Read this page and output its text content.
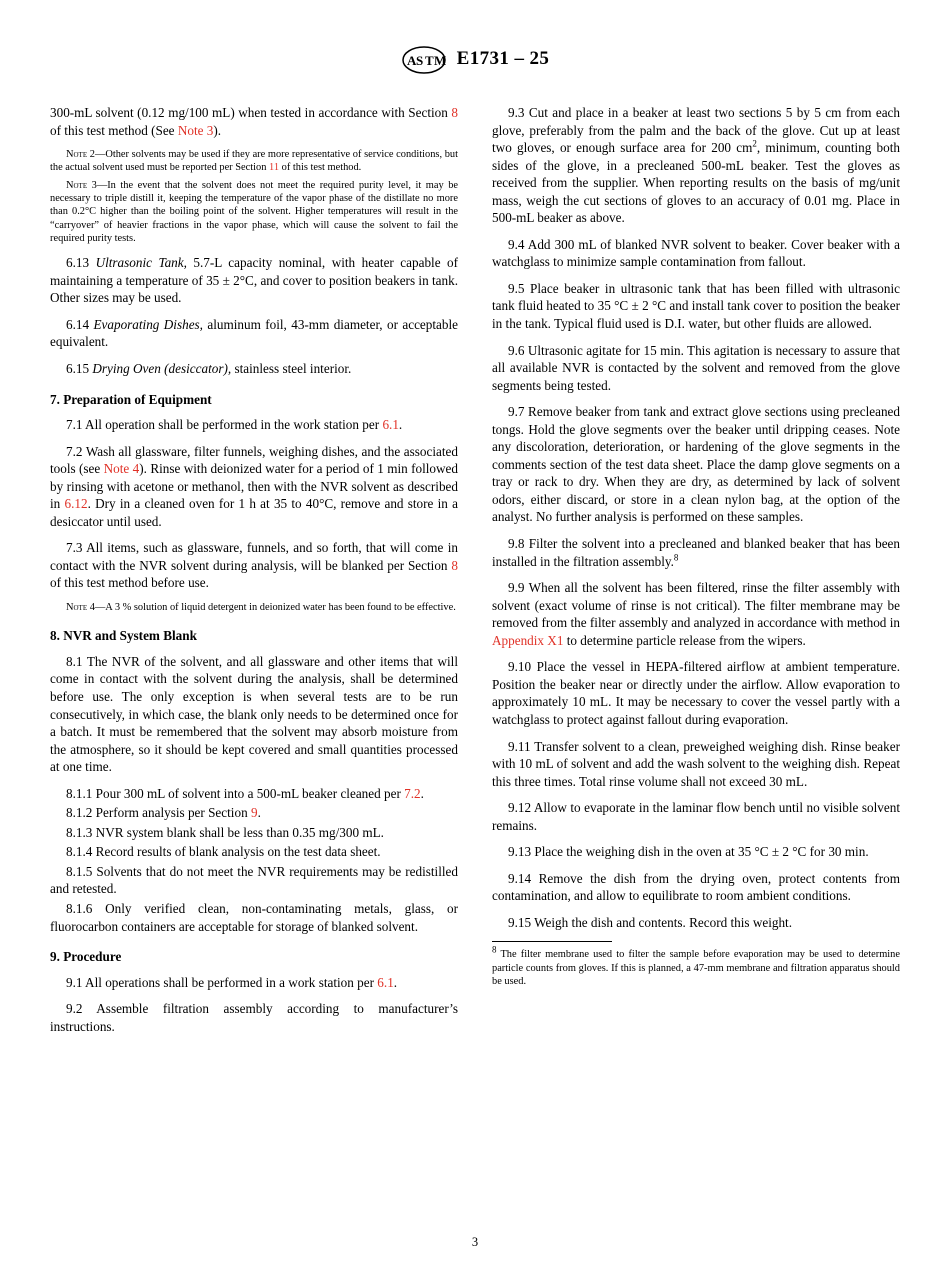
A S T M E1731 – 25

300-mL solvent (0.12 mg/100 mL) when tested in accordance with Section 8 of this test method (See Note 3).

Note 2—Other solvents may be used if they are more representative of service conditions, but the actual solvent used must be reported per Section 11 of this test method.

Note 3—In the event that the solvent does not meet the required purity level, it may be necessary to triple distill it, keeping the temperature of the vapor phase of the distillate no more than 0.2°C higher than the boiling point of the solvent. Higher temperatures will result in the “carryover” of heavier fractions in the vapor phase, which will cause the solvent to fail the required purity tests.

6.13 Ultrasonic Tank, 5.7-L capacity nominal, with heater capable of maintaining a temperature of 35 ± 2°C, and cover to position beakers in tank. Other sizes may be used.

6.14 Evaporating Dishes, aluminum foil, 43-mm diameter, or acceptable equivalent.

6.15 Drying Oven (desiccator), stainless steel interior.

7. Preparation of Equipment

7.1 All operation shall be performed in the work station per 6.1.

7.2 Wash all glassware, filter funnels, weighing dishes, and the associated tools (see Note 4). Rinse with deionized water for a period of 1 min followed by rinsing with acetone or methanol, then with the NVR solvent as described in 6.12. Dry in a cleaned oven for 1 h at 35 to 40°C, remove and store in a desiccator until used.

7.3 All items, such as glassware, funnels, and so forth, that will come in contact with the NVR solvent during analysis, will be blanked per Section 8 of this test method before use.

Note 4—A 3 % solution of liquid detergent in deionized water has been found to be effective.

8. NVR and System Blank

8.1 The NVR of the solvent, and all glassware and other items that will come in contact with the solvent during the analysis, shall be determined before use. The only exception is when several tests are to be run consecutively, in which case, the blank only needs to be determined once for a batch. It must be remembered that the solvent may absorb moisture from the atmosphere, so it should be kept covered and small quantities processed at one time.

8.1.1 Pour 300 mL of solvent into a 500-mL beaker cleaned per 7.2.

8.1.2 Perform analysis per Section 9.

8.1.3 NVR system blank shall be less than 0.35 mg/300 mL.

8.1.4 Record results of blank analysis on the test data sheet.

8.1.5 Solvents that do not meet the NVR requirements may be redistilled and retested.

8.1.6 Only verified clean, non-contaminating metals, glass, or fluorocarbon containers are acceptable for storage of blanked solvent.

9. Procedure

9.1 All operations shall be performed in a work station per 6.1.

9.2 Assemble filtration assembly according to manufacturer’s instructions.

9.3 Cut and place in a beaker at least two sections 5 by 5 cm from each glove, preferably from the palm and the back of the glove. Cut up at least two gloves, or enough surface area for 200 $cm^2$, minimum, counting both sides of the glove, in a precleaned 500-mL beaker. Test the gloves as received from the supplier. When reporting results on the basis of mg/unit mass, weigh the cut sections of gloves to an accuracy of 0.01 mg. Place in 500-mL beaker as above.

9.4 Add 300 mL of blanked NVR solvent to beaker. Cover beaker with a watchglass to minimize sample contamination from fallout.

9.5 Place beaker in ultrasonic tank that has been filled with ultrasonic tank fluid heated to 35 °C ± 2 °C and install tank cover to position the beaker in the tank. Typical fluid used is D.I. water, but other fluids are allowed.

9.6 Ultrasonic agitate for 15 min. This agitation is necessary to assure that all available NVR is contacted by the solvent and removed from the glove segments being tested.

9.7 Remove beaker from tank and extract glove sections using precleaned tongs. Hold the glove segments over the beaker until dripping ceases. Note any discoloration, deterioration, or hardening of the glove segments in the comments section of the test data sheet. Place the damp glove segments on a tray or rack to dry. When they are dry, as determined by lack of solvent odors, either discard, or store in a clean nylon bag, at the option of the analyst. No further analysis is performed on these samples.

9.8 Filter the solvent into a precleaned and blanked beaker that has been installed in the filtration assembly.$^8$

9.9 When all the solvent has been filtered, rinse the filter assembly with solvent (exact volume of rinse is not critical). The filter membrane may be removed from the filter assembly and analyzed in accordance with method in Appendix X1 to determine particle release from the wipers.

9.10 Place the vessel in HEPA-filtered airflow at ambient temperature. Position the beaker near or directly under the airflow. Allow evaporation to approximately 10 mL. It may be necessary to cover the vessel partly with a watchglass to protect against fallout during evaporation.

9.11 Transfer solvent to a clean, preweighed weighing dish. Rinse beaker with 10 mL of solvent and add the wash solvent to the weighing dish. Repeat this three times. Total rinse volume shall not exceed 30 mL.

9.12 Allow to evaporate in the laminar flow bench until no visible solvent remains.

9.13 Place the weighing dish in the oven at 35 °C ± 2 °C for 30 min.

9.14 Remove the dish from the drying oven, protect contents from contamination, and allow to equilibrate to room ambient conditions.

9.15 Weigh the dish and contents. Record this weight.

$^8$ The filter membrane used to filter the sample before evaporation may be used to determine particle counts from gloves. If this is planned, a 47-mm membrane and filtration apparatus should be used.

3
